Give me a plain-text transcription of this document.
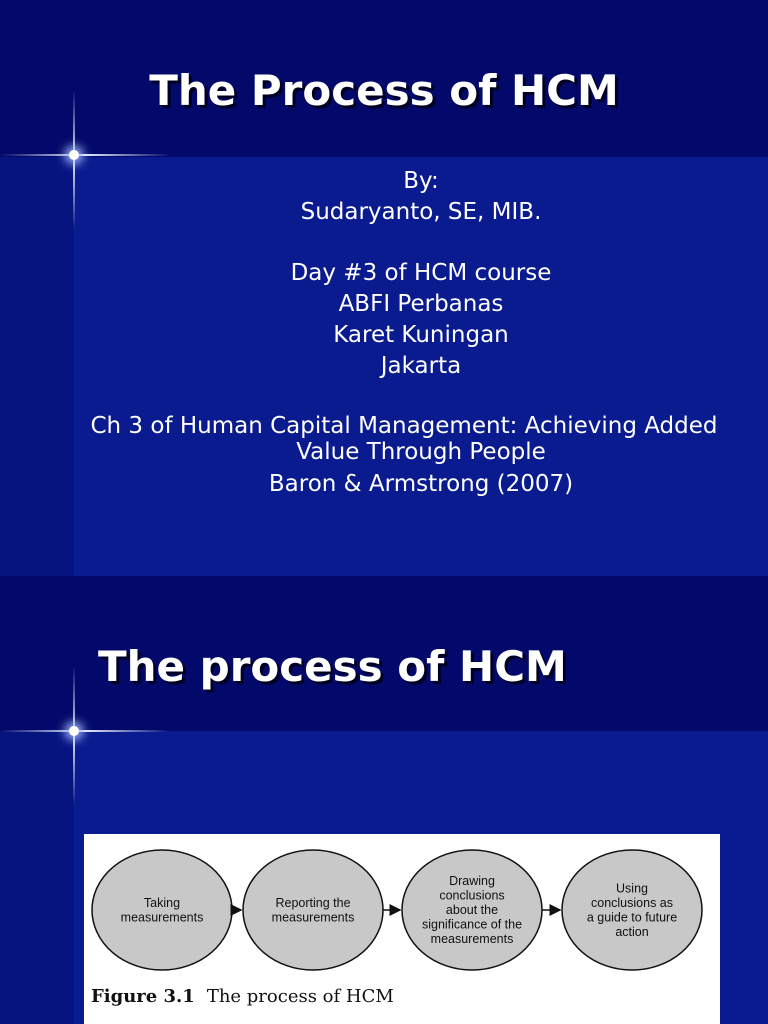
The Process of HCM
By:
Sudaryanto, SE, MIB.
Day #3 of HCM course
ABFI Perbanas
Karet Kuningan
Jakarta
Ch 3 of Human Capital Management: Achieving Added
Value Through People
Baron & Armstrong (2007)
The process of HCM
Taking
measurements
Reporting the
measurements
Drawing
conclusions
about the
significance of the
measurements
Using
conclusions as
a guide to future
action
Figure 3.1 The process of HCM
